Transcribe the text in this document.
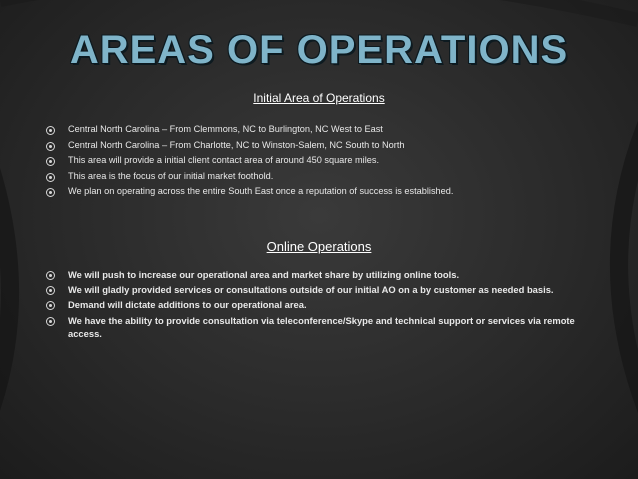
AREAS OF OPERATIONS
Initial Area of Operations
Central North Carolina – From Clemmons, NC to Burlington, NC West to East
Central North Carolina – From Charlotte, NC to Winston-Salem, NC South to North
This area will provide a initial client contact area of around 450 square miles.
This area is the focus of our initial market foothold.
We plan on operating across the entire South East once a reputation of success is established.
Online Operations
We will push to increase our operational area and market share by utilizing online tools.
We will gladly provided services or consultations outside of our initial AO on a by customer as needed basis.
Demand will dictate additions to our operational area.
We have the ability to provide consultation via teleconference/Skype and technical support or services via remote access.
